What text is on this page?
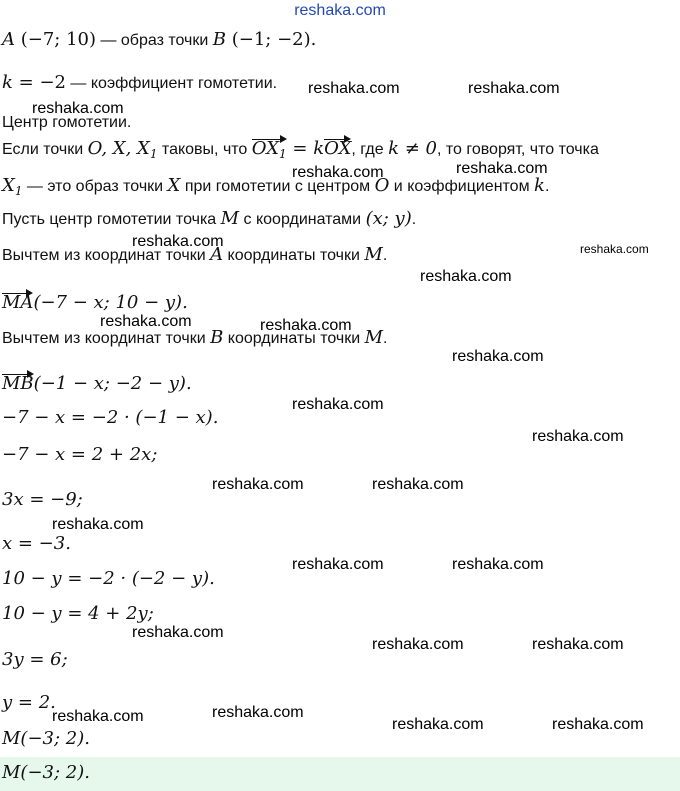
reshaka.com
A (−7; 10) — образ точки B (−1; −2).
k = −2 — коэффициент гомотетии.
Центр гомотетии.
Если точки O, X, $X_1$ таковы, что $OX_1$ = kOX, где k ≠ 0, то говорят, что точка
$X_1$ — это образ точки X при гомотетии с центром O и коэффициентом k.
Пусть центр гомотетии точка M с координатами (x; y).
Вычтем из координат точки A координаты точки M.
MA(−7 − x; 10 − y).
Вычтем из координат точки B координаты точки M.
MB(−1 − x; −2 − y).
−7 − x = −2 · (−1 − x).
−7 − x = 2 + 2x;
3x = −9;
x = −3.
10 − y = −2 · (−2 − y).
10 − y = 4 + 2y;
3y = 6;
y = 2.
M(−3; 2).
M(−3; 2).
reshaka.com	reshaka.com
reshaka.com
reshaka.com	reshaka.com
reshaka.com	reshaka.com
reshaka.com
reshaka.com	reshaka.com
reshaka.com
reshaka.com
reshaka.com
reshaka.com	reshaka.com
reshaka.com
reshaka.com	reshaka.com
reshaka.com
reshaka.com	reshaka.com
reshaka.com
reshaka.com	reshaka.com	reshaka.com
